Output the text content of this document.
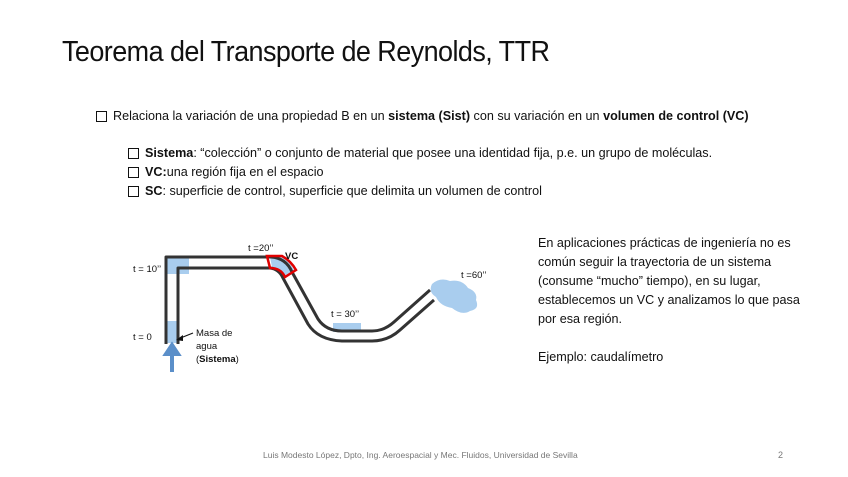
Teorema del Transporte de Reynolds, TTR
Relaciona la variación de una propiedad B en un sistema (Sist) con su variación en un volumen de control (VC)
Sistema : “colección” o conjunto de material que posee una identidad fija, p.e. un grupo de moléculas.
VC: una región fija en el espacio
SC : superficie de control, superficie que delimita un volumen de control
t = 10’’
t =20’’
VC
t = 0
t = 30’’
t =60’’
Masa de
agua
(Sistema)

En aplicaciones prácticas de ingeniería no es común seguir la trayectoria de un sistema (consume “mucho” tiempo), en su lugar, establecemos un VC y analizamos lo que pasa por esa región.

Ejemplo: caudalímetro

Luis Modesto López, Dpto, Ing. Aeroespacial y Mec. Fluidos, Universidad de Sevilla	2
